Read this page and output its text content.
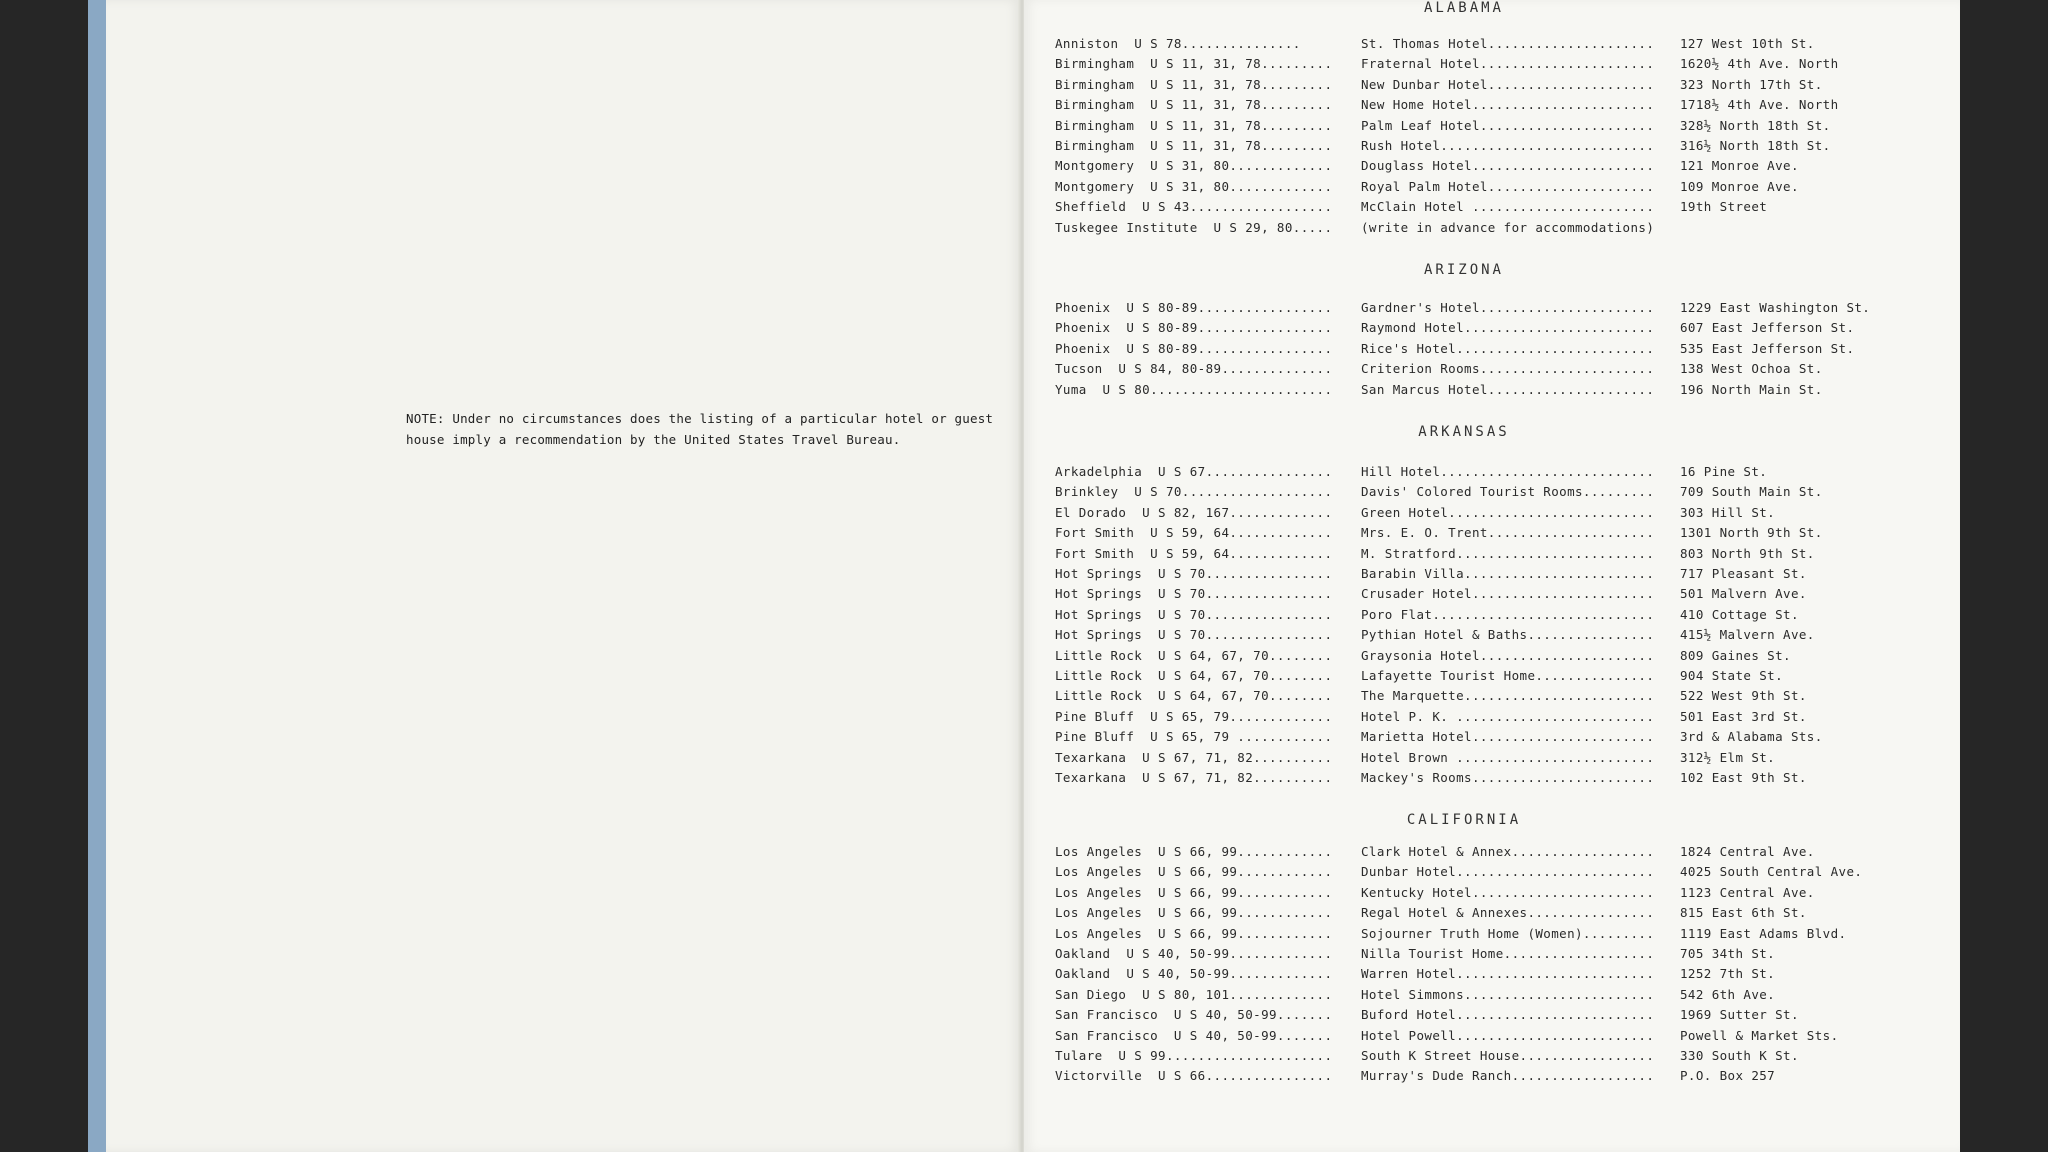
NOTE: Under no circumstances does the listing of a particular hotel or guest house imply a recommendation by the United States Travel Bureau.
ALABAMA
Anniston  U S 78...............	St. Thomas Hotel..................... 127 West 10th St.
Birmingham  U S 11, 31, 78......... Fraternal Hotel...................... 1620½ 4th Ave. North
Birmingham  U S 11, 31, 78......... New Dunbar Hotel..................... 323 North 17th St.
Birmingham  U S 11, 31, 78......... New Home Hotel....................... 1718½ 4th Ave. North
Birmingham  U S 11, 31, 78......... Palm Leaf Hotel...................... 328½ North 18th St.
Birmingham  U S 11, 31, 78......... Rush Hotel........................... 316½ North 18th St.
Montgomery  U S 31, 80............. Douglass Hotel....................... 121 Monroe Ave.
Montgomery  U S 31, 80............. Royal Palm Hotel..................... 109 Monroe Ave.
Sheffield  U S 43.................. McClain Hotel ....................... 19th Street
Tuskegee Institute  U S 29, 80..... (write in advance for accommodations)
ARIZONA
Phoenix  U S 80-89................. Gardner's Hotel...................... 1229 East Washington St.
Phoenix  U S 80-89................. Raymond Hotel........................ 607 East Jefferson St.
Phoenix  U S 80-89................. Rice's Hotel......................... 535 East Jefferson St.
Tucson  U S 84, 80-89.............. Criterion Rooms...................... 138 West Ochoa St.
Yuma  U S 80....................... San Marcus Hotel..................... 196 North Main St.
ARKANSAS
Arkadelphia  U S 67................ Hill Hotel........................... 16 Pine St.
Brinkley  U S 70................... Davis' Colored Tourist Rooms......... 709 South Main St.
El Dorado  U S 82, 167............. Green Hotel.......................... 303 Hill St.
Fort Smith  U S 59, 64............. Mrs. E. O. Trent..................... 1301 North 9th St.
Fort Smith  U S 59, 64............. M. Stratford......................... 803 North 9th St.
Hot Springs  U S 70................ Barabin Villa........................ 717 Pleasant St.
Hot Springs  U S 70................ Crusader Hotel....................... 501 Malvern Ave.
Hot Springs  U S 70................ Poro Flat............................ 410 Cottage St.
Hot Springs  U S 70................ Pythian Hotel & Baths................ 415½ Malvern Ave.
Little Rock  U S 64, 67, 70........ Graysonia Hotel...................... 809 Gaines St.
Little Rock  U S 64, 67, 70........ Lafayette Tourist Home............... 904 State St.
Little Rock  U S 64, 67, 70........ The Marquette........................ 522 West 9th St.
Pine Bluff  U S 65, 79............. Hotel P. K. ......................... 501 East 3rd St.
Pine Bluff  U S 65, 79 ............ Marietta Hotel....................... 3rd & Alabama Sts.
Texarkana  U S 67, 71, 82.......... Hotel Brown ......................... 312½ Elm St.
Texarkana  U S 67, 71, 82.......... Mackey's Rooms....................... 102 East 9th St.
CALIFORNIA
Los Angeles  U S 66, 99............ Clark Hotel & Annex.................. 1824 Central Ave.
Los Angeles  U S 66, 99............ Dunbar Hotel......................... 4025 South Central Ave.
Los Angeles  U S 66, 99............ Kentucky Hotel....................... 1123 Central Ave.
Los Angeles  U S 66, 99............ Regal Hotel & Annexes................ 815 East 6th St.
Los Angeles  U S 66, 99............ Sojourner Truth Home (Women)......... 1119 East Adams Blvd.
Oakland  U S 40, 50-99............. Nilla Tourist Home................... 705 34th St.
Oakland  U S 40, 50-99............. Warren Hotel......................... 1252 7th St.
San Diego  U S 80, 101............. Hotel Simmons........................ 542 6th Ave.
San Francisco  U S 40, 50-99....... Buford Hotel......................... 1969 Sutter St.
San Francisco  U S 40, 50-99....... Hotel Powell......................... Powell & Market Sts.
Tulare  U S 99..................... South K Street House................. 330 South K St.
Victorville  U S 66................ Murray's Dude Ranch.................. P.O. Box 257
